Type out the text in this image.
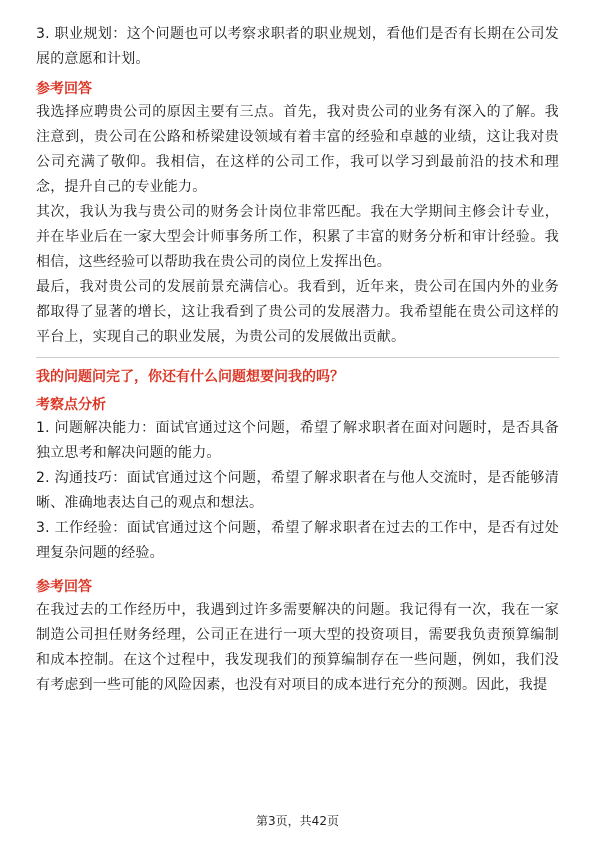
3. 职业规划：这个问题也可以考察求职者的职业规划，看他们是否有长期在公司发展的意愿和计划。

参考回答

我选择应聘贵公司的原因主要有三点。首先，我对贵公司的业务有深入的了解。我注意到，贵公司在公路和桥梁建设领域有着丰富的经验和卓越的业绩，这让我对贵公司充满了敬仰。我相信，在这样的公司工作，我可以学习到最前沿的技术和理念，提升自己的专业能力。

其次，我认为我与贵公司的财务会计岗位非常匹配。我在大学期间主修会计专业，并在毕业后在一家大型会计师事务所工作，积累了丰富的财务分析和审计经验。我相信，这些经验可以帮助我在贵公司的岗位上发挥出色。

最后，我对贵公司的发展前景充满信心。我看到，近年来，贵公司在国内外的业务都取得了显著的增长，这让我看到了贵公司的发展潜力。我希望能在贵公司这样的平台上，实现自己的职业发展，为贵公司的发展做出贡献。

我的问题问完了，你还有什么问题想要问我的吗？

考察点分析

1. 问题解决能力：面试官通过这个问题，希望了解求职者在面对问题时，是否具备独立思考和解决问题的能力。

2. 沟通技巧：面试官通过这个问题，希望了解求职者在与他人交流时，是否能够清晰、准确地表达自己的观点和想法。

3. 工作经验：面试官通过这个问题，希望了解求职者在过去的工作中，是否有过处理复杂问题的经验。

参考回答

在我过去的工作经历中，我遇到过许多需要解决的问题。我记得有一次，我在一家制造公司担任财务经理，公司正在进行一项大型的投资项目，需要我负责预算编制和成本控制。在这个过程中，我发现我们的预算编制存在一些问题，例如，我们没有考虑到一些可能的风险因素，也没有对项目的成本进行充分的预测。因此，我提

第3页，共42页
